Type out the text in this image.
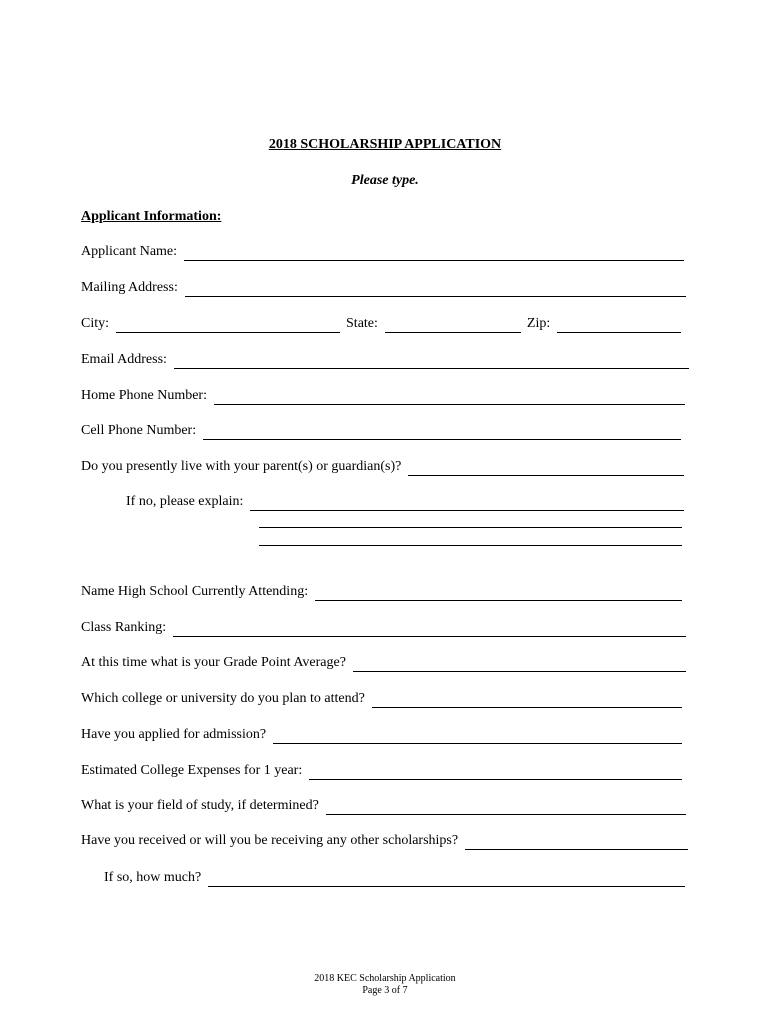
2018 SCHOLARSHIP APPLICATION
Please type.
Applicant Information:
Applicant Name:
Mailing Address:
City:	State:	Zip:
Email Address:
Home Phone Number:
Cell Phone Number:
Do you presently live with your parent(s) or guardian(s)?
If no, please explain:
Name High School Currently Attending:
Class Ranking:
At this time what is your Grade Point Average?
Which college or university do you plan to attend?
Have you applied for admission?
Estimated College Expenses for 1 year:
What is your field of study, if determined?
Have you received or will you be receiving any other scholarships?
If so, how much?
2018 KEC Scholarship Application
Page 3 of 7
